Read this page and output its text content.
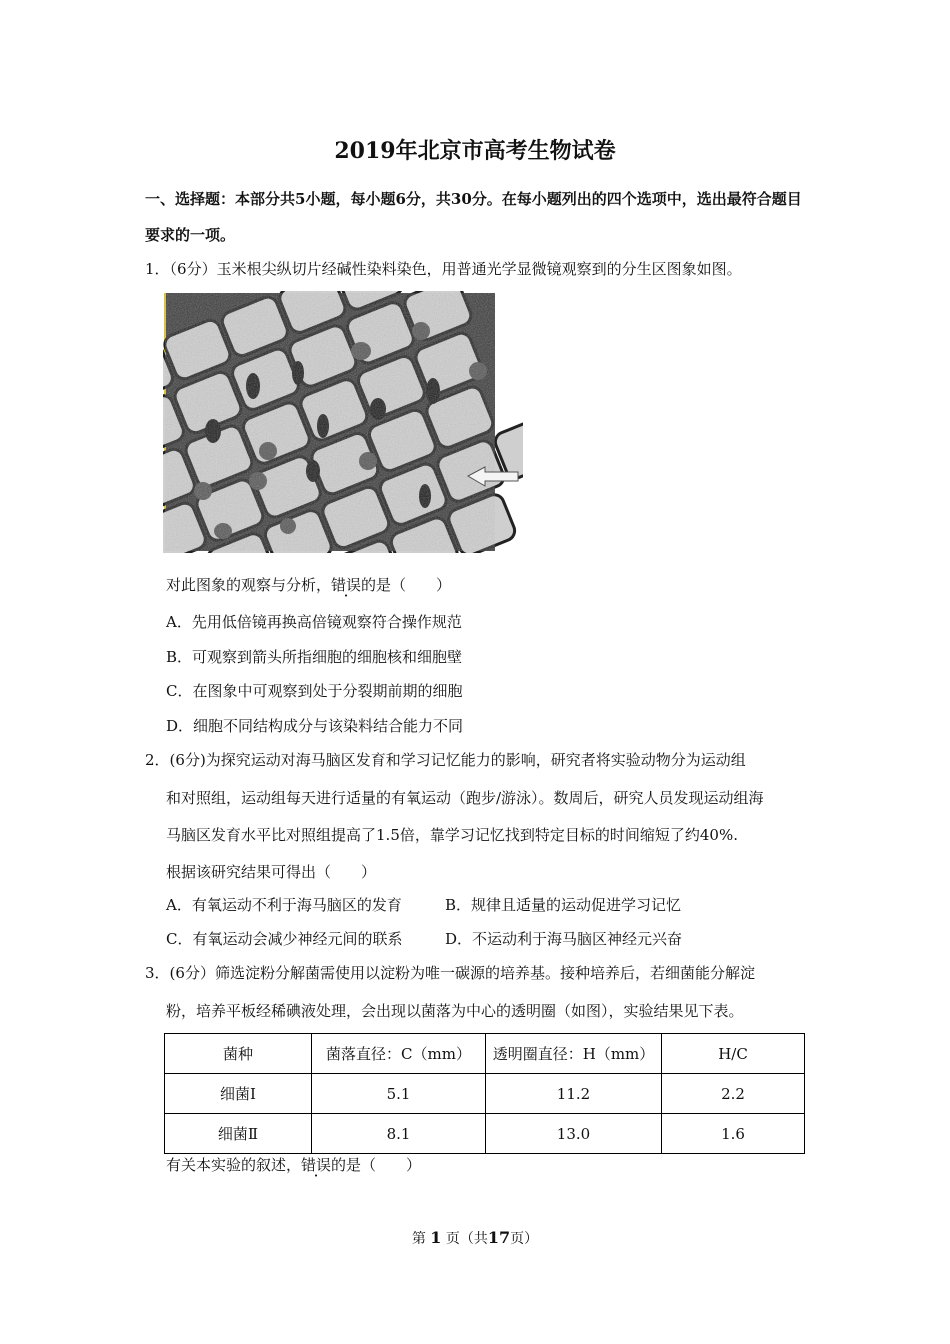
2019年北京市高考生物试卷
一、选择题：本部分共5小题，每小题6分，共30分。在每小题列出的四个选项中，选出最符合题目要求的一项。
1．（6分）玉米根尖纵切片经碱性染料染色，用普通光学显微镜观察到的分生区图象如图。
对此图象的观察与分析，错误的是（　　）
A．先用低倍镜再换高倍镜观察符合操作规范
B．可观察到箭头所指细胞的细胞核和细胞壁
C．在图象中可观察到处于分裂期前期的细胞
D．细胞不同结构成分与该染料结合能力不同
2．(6分)为探究运动对海马脑区发育和学习记忆能力的影响，研究者将实验动物分为运动组
和对照组，运动组每天进行适量的有氧运动（跑步/游泳）。数周后，研究人员发现运动组海
马脑区发育水平比对照组提高了1.5倍，靠学习记忆找到特定目标的时间缩短了约40%.
根据该研究结果可得出（　　）
A．有氧运动不利于海马脑区的发育	B．规律且适量的运动促进学习记忆
C．有氧运动会减少神经元间的联系	D．不运动利于海马脑区神经元兴奋
3．(6分）筛选淀粉分解菌需使用以淀粉为唯一碳源的培养基。接种培养后，若细菌能分解淀
粉，培养平板经稀碘液处理，会出现以菌落为中心的透明圈（如图），实验结果见下表。
菌种	菌落直径：C（mm）	透明圈直径：H（mm）	H/C
细菌Ⅰ	5.1	11.2	2.2
细菌Ⅱ	8.1	13.0	1.6
有关本实验的叙述，错误的是（　　）
第 1 页（共17页）
